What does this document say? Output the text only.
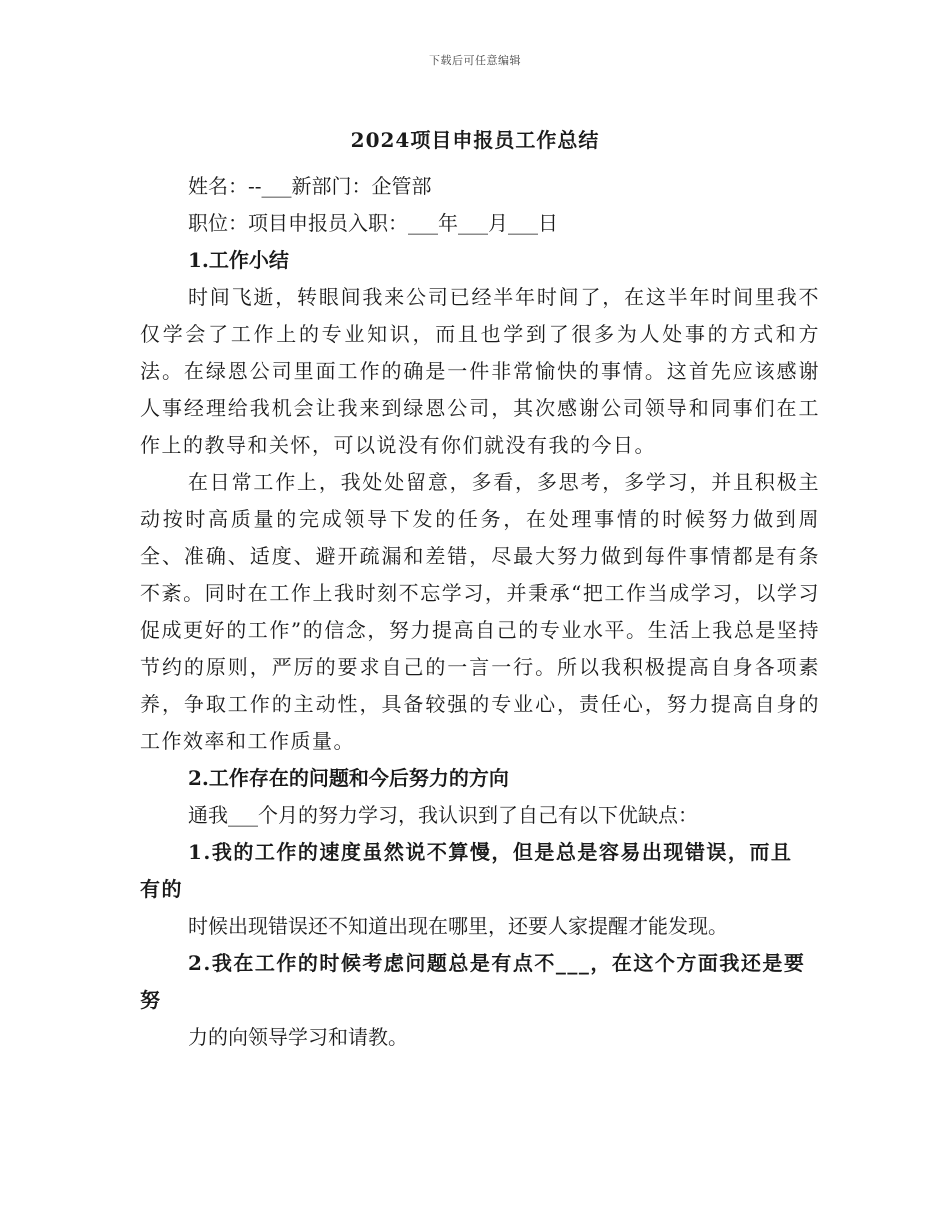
下载后可任意编辑
2024项目申报员工作总结
姓名：--___新部门：企管部
职位：项目申报员入职：___年___月___日
1.工作小结

时间飞逝，转眼间我来公司已经半年时间了，在这半年时间里我不仅学会了工作上的专业知识，而且也学到了很多为人处事的方式和方法。在绿恩公司里面工作的确是一件非常愉快的事情。这首先应该感谢人事经理给我机会让我来到绿恩公司，其次感谢公司领导和同事们在工作上的教导和关怀，可以说没有你们就没有我的今日。

在日常工作上，我处处留意，多看，多思考，多学习，并且积极主动按时高质量的完成领导下发的任务，在处理事情的时候努力做到周全、准确、适度、避开疏漏和差错，尽最大努力做到每件事情都是有条不紊。同时在工作上我时刻不忘学习，并秉承“把工作当成学习，以学习促成更好的工作”的信念，努力提高自己的专业水平。生活上我总是坚持节约的原则，严厉的要求自己的一言一行。所以我积极提高自身各项素养，争取工作的主动性，具备较强的专业心，责任心，努力提高自身的工作效率和工作质量。

2.工作存在的问题和今后努力的方向
通我___个月的努力学习，我认识到了自己有以下优缺点：
1.我的工作的速度虽然说不算慢，但是总是容易出现错误，而且
有的
时候出现错误还不知道出现在哪里，还要人家提醒才能发现。
2.我在工作的时候考虑问题总是有点不___，在这个方面我还是要
努
力的向领导学习和请教。
